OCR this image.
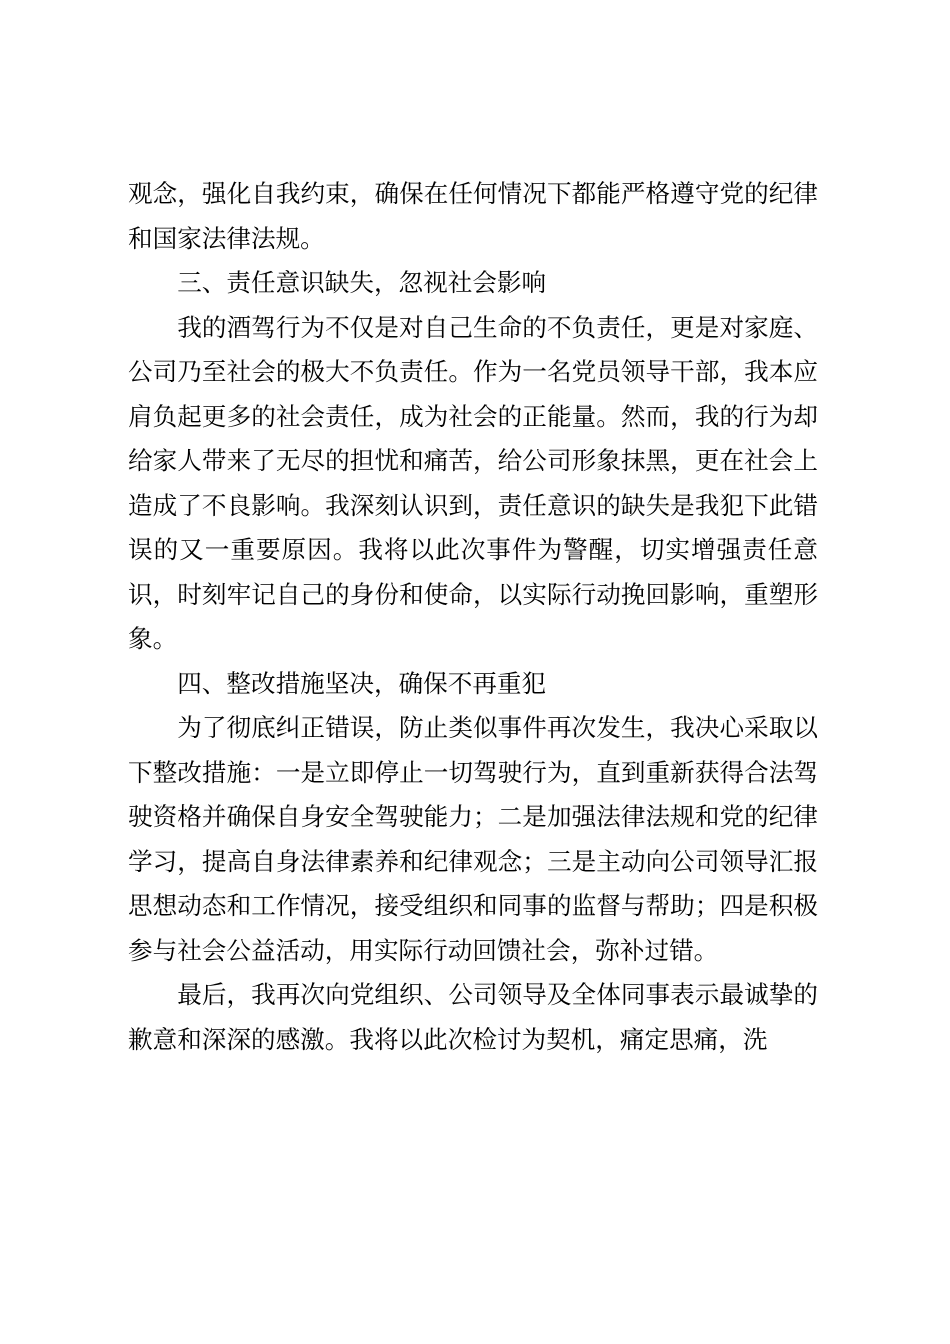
观念，强化自我约束，确保在任何情况下都能严格遵守党的纪律和国家法律法规。

三、责任意识缺失，忽视社会影响

我的酒驾行为不仅是对自己生命的不负责任，更是对家庭、公司乃至社会的极大不负责任。作为一名党员领导干部，我本应肩负起更多的社会责任，成为社会的正能量。然而，我的行为却给家人带来了无尽的担忧和痛苦，给公司形象抹黑，更在社会上造成了不良影响。我深刻认识到，责任意识的缺失是我犯下此错误的又一重要原因。我将以此次事件为警醒，切实增强责任意识，时刻牢记自己的身份和使命，以实际行动挽回影响，重塑形象。

四、整改措施坚决，确保不再重犯

为了彻底纠正错误，防止类似事件再次发生，我决心采取以下整改措施：一是立即停止一切驾驶行为，直到重新获得合法驾驶资格并确保自身安全驾驶能力；二是加强法律法规和党的纪律学习，提高自身法律素养和纪律观念；三是主动向公司领导汇报思想动态和工作情况，接受组织和同事的监督与帮助；四是积极参与社会公益活动，用实际行动回馈社会，弥补过错。

最后，我再次向党组织、公司领导及全体同事表示最诚挚的歉意和深深的感激。我将以此次检讨为契机，痛定思痛，洗
